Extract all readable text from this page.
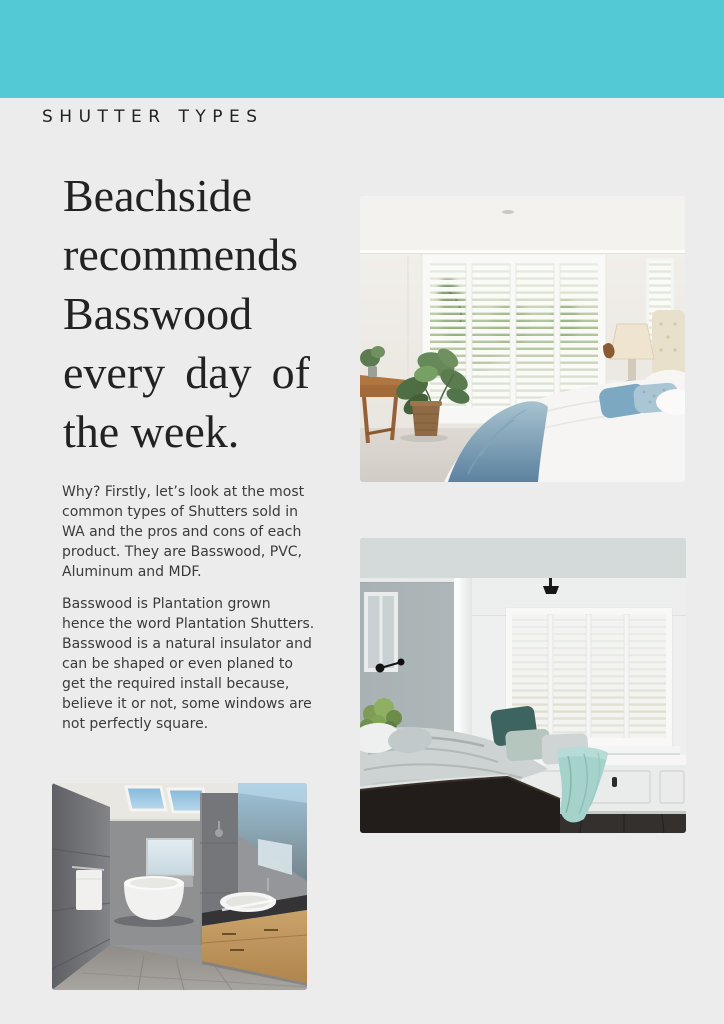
SHUTTER TYPES
Beachside
recommends
Basswood
every day of
the week.

Why? Firstly, let’s look at the most common types of Shutters sold in WA and the pros and cons of each product. They are Basswood, PVC, Aluminum and MDF.

Basswood is Plantation grown hence the word Plantation Shutters. Basswood is a natural insulator and can be shaped or even planed to get the required install because, believe it or not, some windows are not perfectly square.
